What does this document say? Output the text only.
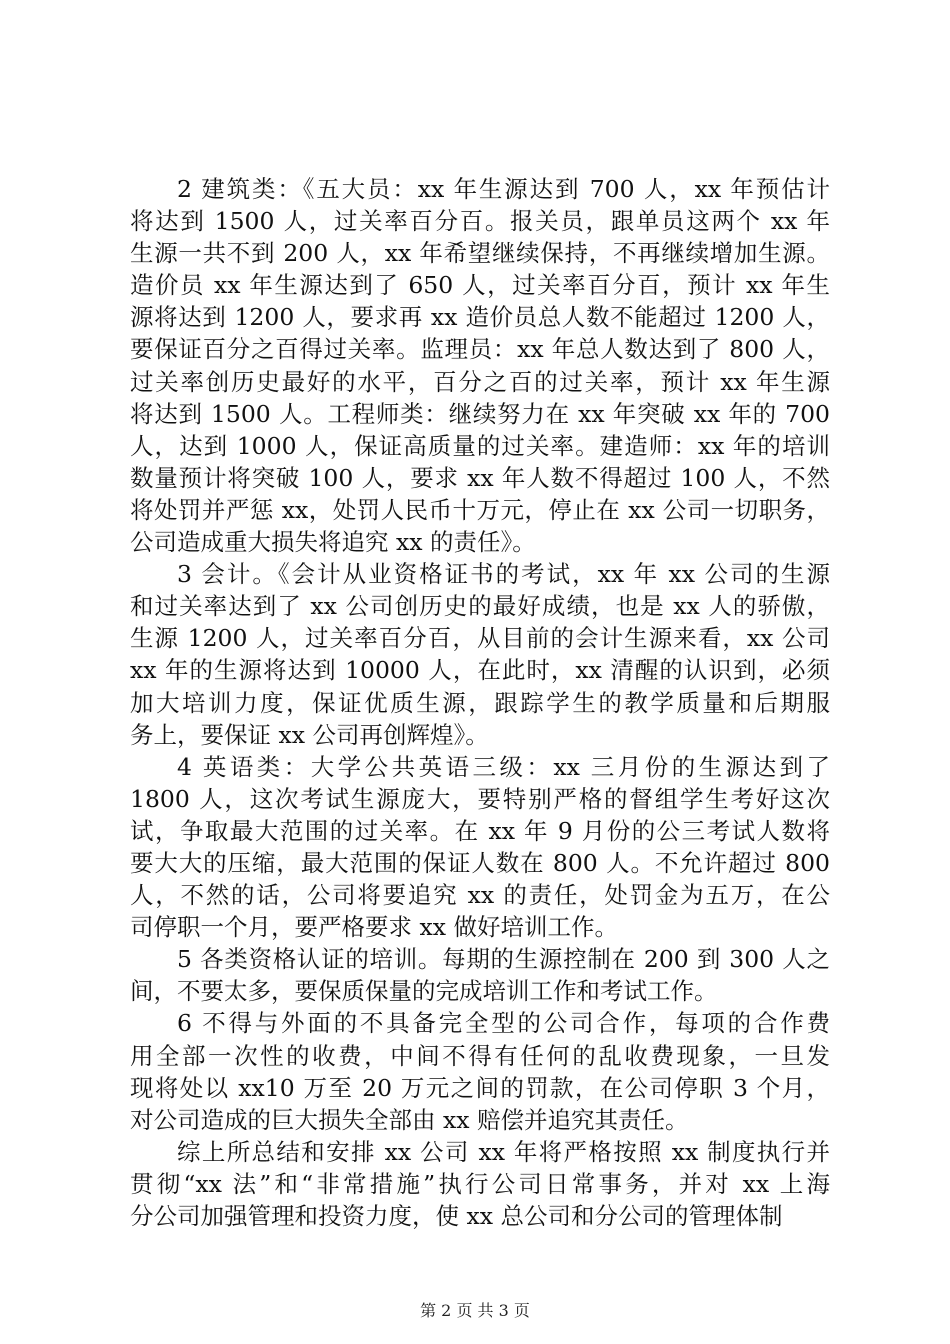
2 建筑类：《五大员：xx 年生源达到 700 人，xx 年预估计
将达到 1500 人，过关率百分百。报关员，跟单员这两个 xx 年
生源一共不到 200 人，xx 年希望继续保持，不再继续增加生源。
造价员 xx 年生源达到了 650 人，过关率百分百，预计 xx 年生
源将达到 1200 人，要求再 xx 造价员总人数不能超过 1200 人，
要保证百分之百得过关率。监理员：xx 年总人数达到了 800 人，
过关率创历史最好的水平，百分之百的过关率，预计 xx 年生源
将达到 1500 人。工程师类：继续努力在 xx 年突破 xx 年的 700
人，达到 1000 人，保证高质量的过关率。建造师：xx 年的培训
数量预计将突破 100 人，要求 xx 年人数不得超过 100 人，不然
将处罚并严惩 xx，处罚人民币十万元，停止在 xx 公司一切职务，
公司造成重大损失将追究 xx 的责任》。
3 会计。《会计从业资格证书的考试，xx 年 xx 公司的生源
和过关率达到了 xx 公司创历史的最好成绩，也是 xx 人的骄傲，
生源 1200 人，过关率百分百，从目前的会计生源来看，xx 公司
xx 年的生源将达到 10000 人，在此时，xx 清醒的认识到，必须
加大培训力度，保证优质生源，跟踪学生的教学质量和后期服
务上，要保证 xx 公司再创辉煌》。
4 英语类：大学公共英语三级：xx 三月份的生源达到了
1800 人，这次考试生源庞大，要特别严格的督组学生考好这次
试，争取最大范围的过关率。在 xx 年 9 月份的公三考试人数将
要大大的压缩，最大范围的保证人数在 800 人。不允许超过 800
人，不然的话，公司将要追究 xx 的责任，处罚金为五万，在公
司停职一个月，要严格要求 xx 做好培训工作。
5 各类资格认证的培训。每期的生源控制在 200 到 300 人之
间，不要太多，要保质保量的完成培训工作和考试工作。
6 不得与外面的不具备完全型的公司合作，每项的合作费
用全部一次性的收费，中间不得有任何的乱收费现象，一旦发
现将处以 xx10 万至 20 万元之间的罚款，在公司停职 3 个月，
对公司造成的巨大损失全部由 xx 赔偿并追究其责任。
综上所总结和安排 xx 公司 xx 年将严格按照 xx 制度执行并
贯彻“xx 法”和“非常措施”执行公司日常事务，并对 xx 上海
分公司加强管理和投资力度，使 xx 总公司和分公司的管理体制
第 2 页 共 3 页
